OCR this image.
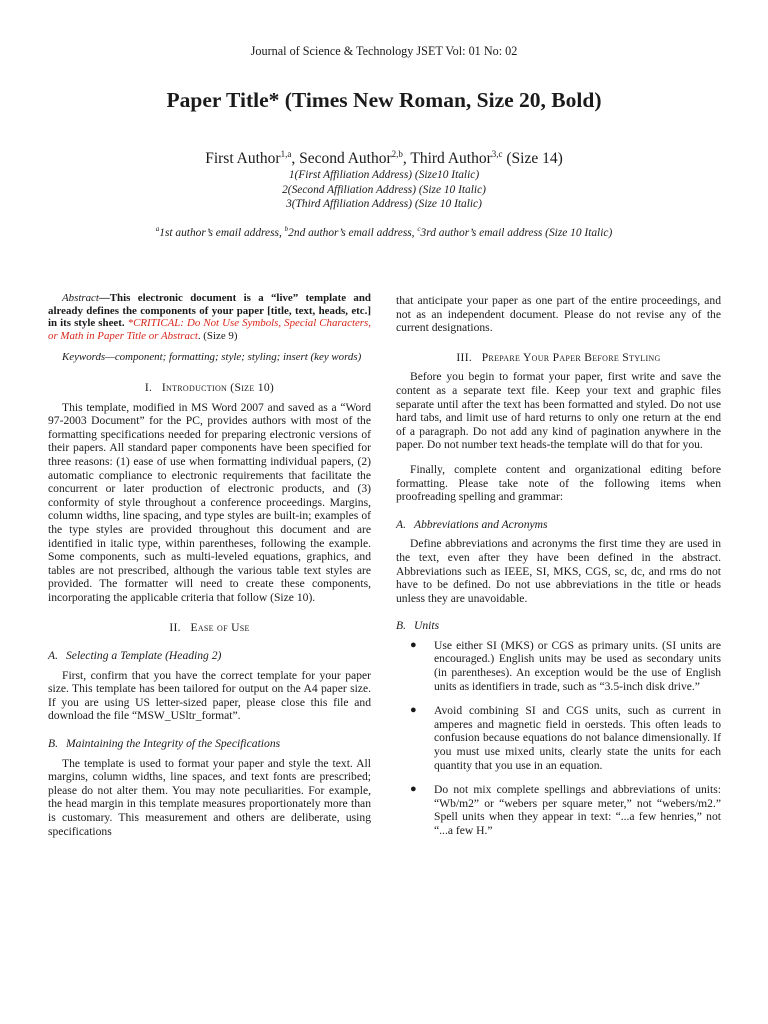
Journal of Science & Technology JSET Vol: 01 No: 02
Paper Title* (Times New Roman, Size 20, Bold)
First Author$^{1,a}$, Second Author$^{2,b}$, Third Author$^{3,c}$ (Size 14)
1(First Affiliation Address) (Size10 Italic)
2(Second Affiliation Address) (Size 10 Italic)
3(Third Affiliation Address) (Size 10 Italic)
$^a$1st author’s email address, $^b$2nd author’s email address, $^c$3rd author’s email address (Size 10 Italic)

Abstract—This electronic document is a “live” template and already defines the components of your paper [title, text, heads, etc.] in its style sheet. *CRITICAL: Do Not Use Symbols, Special Characters, or Math in Paper Title or Abstract. (Size 9)

Keywords—component; formatting; style; styling; insert (key words)

I. Introduction (Size 10)

This template, modified in MS Word 2007 and saved as a “Word 97-2003 Document” for the PC, provides authors with most of the formatting specifications needed for preparing electronic versions of their papers. All standard paper components have been specified for three reasons: (1) ease of use when formatting individual papers, (2) automatic compliance to electronic requirements that facilitate the concurrent or later production of electronic products, and (3) conformity of style throughout a conference proceedings. Margins, column widths, line spacing, and type styles are built-in; examples of the type styles are provided throughout this document and are identified in italic type, within parentheses, following the example. Some components, such as multi-leveled equations, graphics, and tables are not prescribed, although the various table text styles are provided. The formatter will need to create these components, incorporating the applicable criteria that follow (Size 10).

II. Ease of Use
A. Selecting a Template (Heading 2)

First, confirm that you have the correct template for your paper size. This template has been tailored for output on the A4 paper size. If you are using US letter-sized paper, please close this file and download the file “MSW_USltr_format”.

B. Maintaining the Integrity of the Specifications

The template is used to format your paper and style the text. All margins, column widths, line spaces, and text fonts are prescribed; please do not alter them. You may note peculiarities. For example, the head margin in this template measures proportionately more than is customary. This measurement and others are deliberate, using specifications

that anticipate your paper as one part of the entire proceedings, and not as an independent document. Please do not revise any of the current designations.

III. Prepare Your Paper Before Styling

Before you begin to format your paper, first write and save the content as a separate text file. Keep your text and graphic files separate until after the text has been formatted and styled. Do not use hard tabs, and limit use of hard returns to only one return at the end of a paragraph. Do not add any kind of pagination anywhere in the paper. Do not number text heads-the template will do that for you.

Finally, complete content and organizational editing before formatting. Please take note of the following items when proofreading spelling and grammar:

A. Abbreviations and Acronyms

Define abbreviations and acronyms the first time they are used in the text, even after they have been defined in the abstract. Abbreviations such as IEEE, SI, MKS, CGS, sc, dc, and rms do not have to be defined. Do not use abbreviations in the title or heads unless they are unavoidable.

B. Units
● Use either SI (MKS) or CGS as primary units. (SI units are encouraged.) English units may be used as secondary units (in parentheses). An exception would be the use of English units as identifiers in trade, such as “3.5-inch disk drive.”
● Avoid combining SI and CGS units, such as current in amperes and magnetic field in oersteds. This often leads to confusion because equations do not balance dimensionally. If you must use mixed units, clearly state the units for each quantity that you use in an equation.
● Do not mix complete spellings and abbreviations of units: “Wb/m2” or “webers per square meter,” not “webers/m2.” Spell units when they appear in text: “...a few henries,” not “...a few H.”
